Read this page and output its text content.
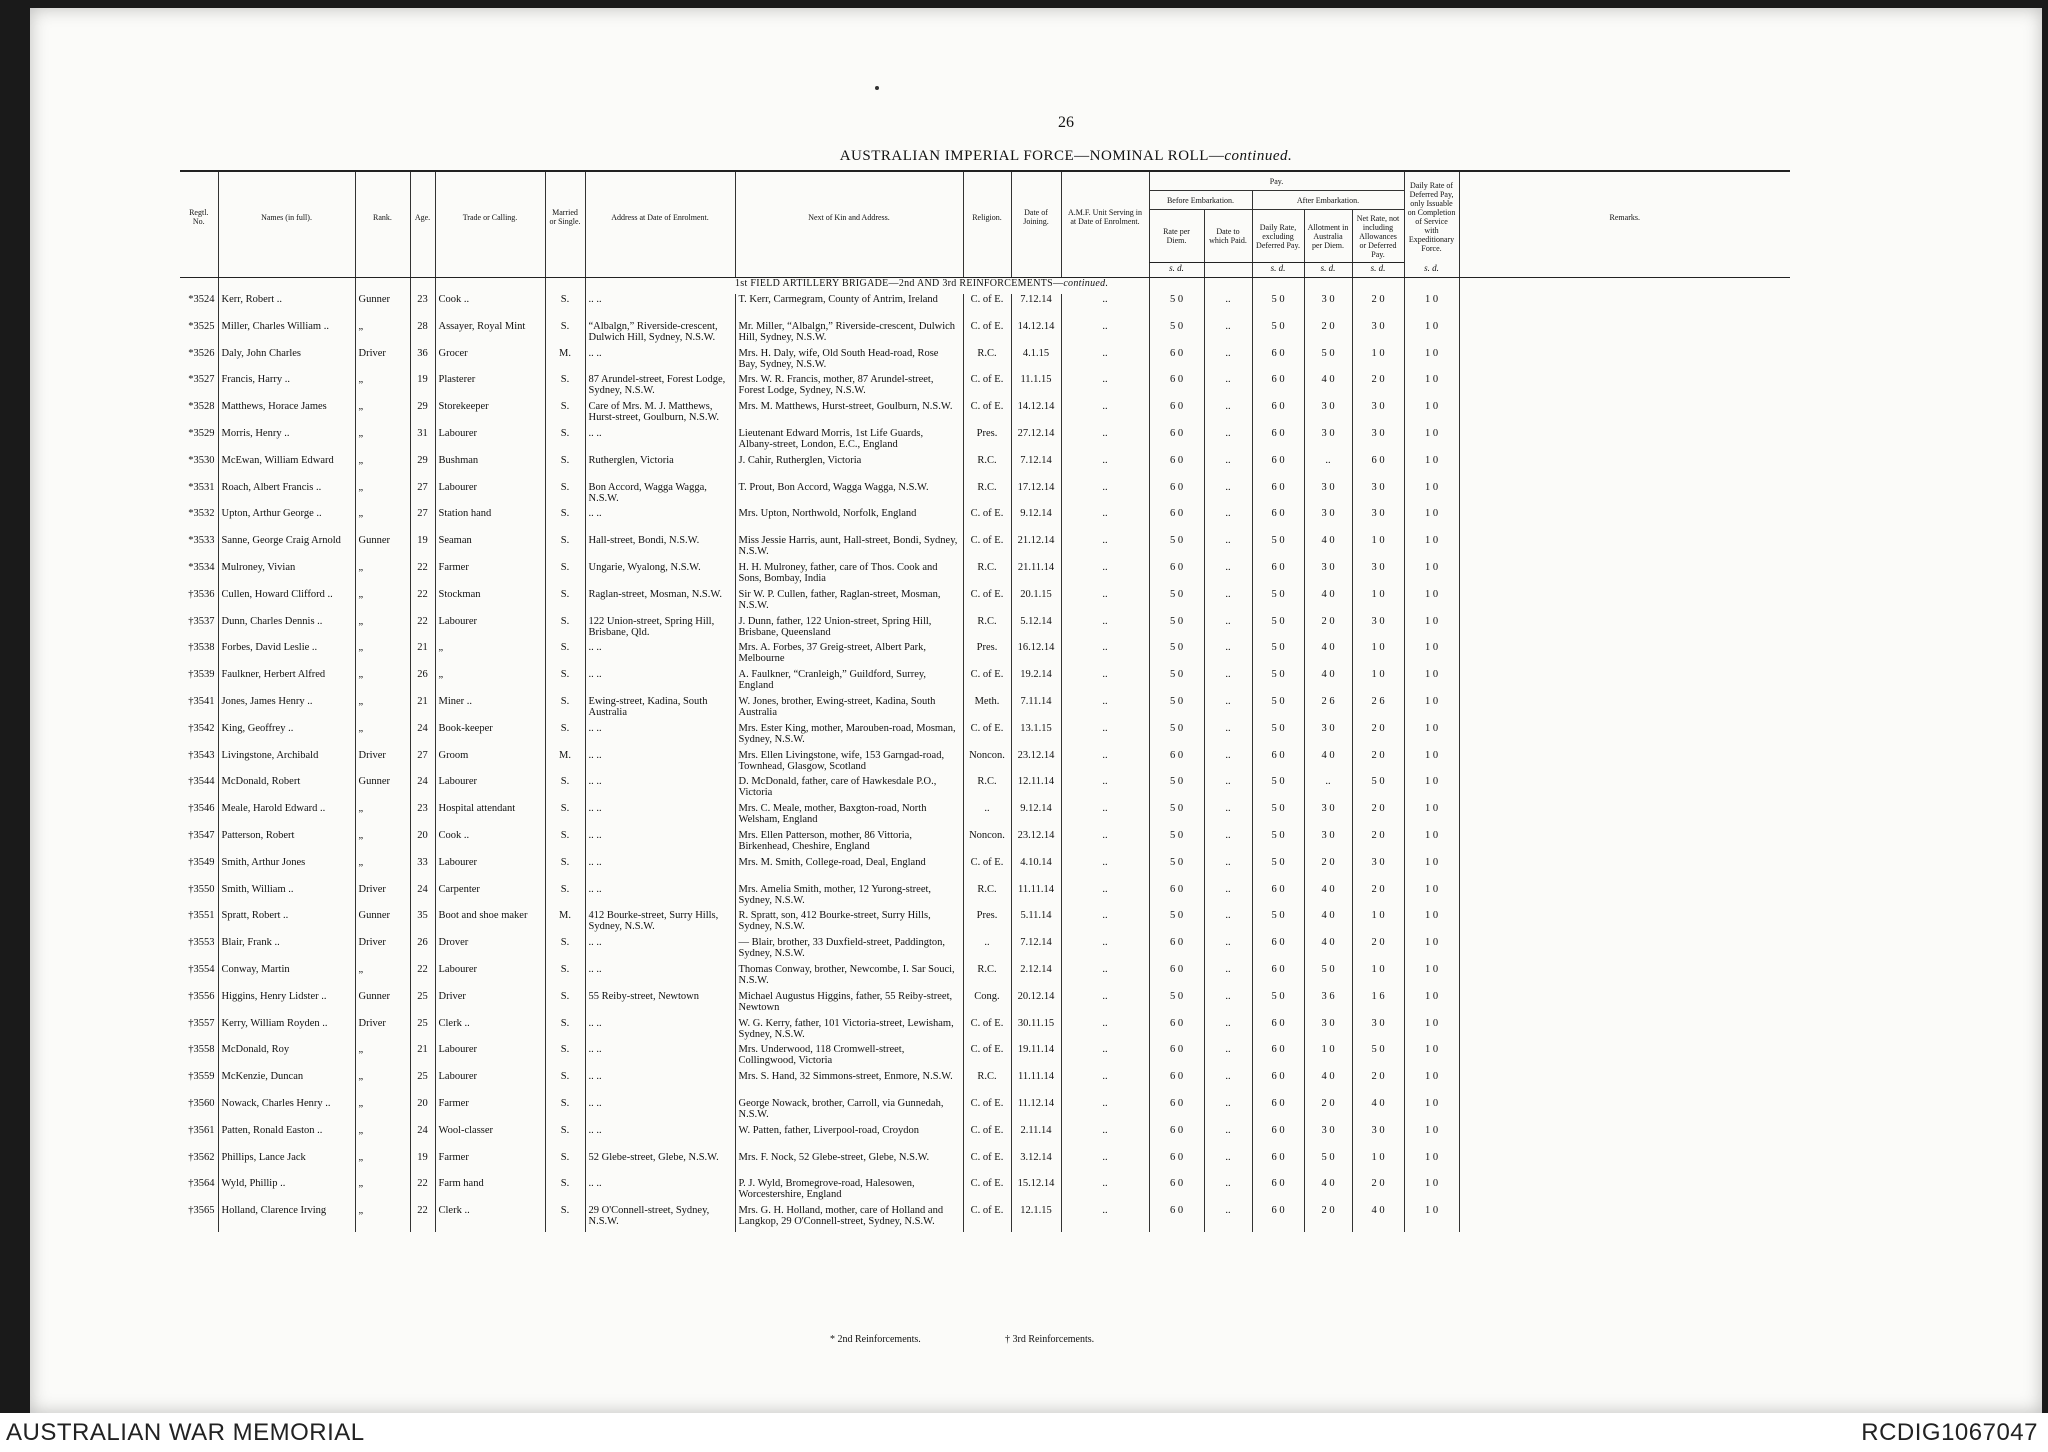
26
AUSTRALIAN IMPERIAL FORCE—NOMINAL ROLL—continued.
Regtl. No.	Names (in full).	Rank.	Age.	Trade or Calling.	Married or Single.	Address at Date of Enrolment.	Next of Kin and Address.	Religion.	Date of Joining.	A.M.F. Unit Serving in at Date of Enrolment.	Pay.					Daily Rate of Deferred Pay, only Issuable on Completion of Service with Expeditionary Force.	Remarks.
											Before Embarkation.		After Embarkation.				
											Rate per Diem.	Date to which Paid.	Daily Rate, excluding Deferred Pay.	Allotment in Australia per Diem.	Net Rate, not including Allowances or Deferred Pay.		
											s. d.		s. d.	s. d.	s. d.	s. d.	
							1st FIELD ARTILLERY BRIGADE—2nd AND 3rd REINFORCEMENTS—continued.										
*3524	Kerr, Robert ..	Gunner	23	Cook ..	S.	.. ..	T. Kerr, Carmegram, County of Antrim, Ireland	C. of E.	7.12.14	..	5 0	..	5 0	3 0	2 0	1 0	
*3525	Miller, Charles William ..	„	28	Assayer, Royal Mint	S.	“Albalgn,” Riverside-crescent, Dulwich Hill, Sydney, N.S.W.	Mr. Miller, “Albalgn,” Riverside-crescent, Dulwich Hill, Sydney, N.S.W.	C. of E.	14.12.14	..	5 0	..	5 0	2 0	3 0	1 0	
*3526	Daly, John Charles	Driver	36	Grocer	M.	.. ..	Mrs. H. Daly, wife, Old South Head-road, Rose Bay, Sydney, N.S.W.	R.C.	4.1.15	..	6 0	..	6 0	5 0	1 0	1 0	
*3527	Francis, Harry ..	„	19	Plasterer	S.	87 Arundel-street, Forest Lodge, Sydney, N.S.W.	Mrs. W. R. Francis, mother, 87 Arundel-street, Forest Lodge, Sydney, N.S.W.	C. of E.	11.1.15	..	6 0	..	6 0	4 0	2 0	1 0	
*3528	Matthews, Horace James	„	29	Storekeeper	S.	Care of Mrs. M. J. Matthews, Hurst-street, Goulburn, N.S.W.	Mrs. M. Matthews, Hurst-street, Goulburn, N.S.W.	C. of E.	14.12.14	..	6 0	..	6 0	3 0	3 0	1 0	
*3529	Morris, Henry ..	„	31	Labourer	S.	.. ..	Lieutenant Edward Morris, 1st Life Guards, Albany-street, London, E.C., England	Pres.	27.12.14	..	6 0	..	6 0	3 0	3 0	1 0	
*3530	McEwan, William Edward	„	29	Bushman	S.	Rutherglen, Victoria	J. Cahir, Rutherglen, Victoria	R.C.	7.12.14	..	6 0	..	6 0	..	6 0	1 0	
*3531	Roach, Albert Francis ..	„	27	Labourer	S.	Bon Accord, Wagga Wagga, N.S.W.	T. Prout, Bon Accord, Wagga Wagga, N.S.W.	R.C.	17.12.14	..	6 0	..	6 0	3 0	3 0	1 0	
*3532	Upton, Arthur George ..	„	27	Station hand	S.	.. ..	Mrs. Upton, Northwold, Norfolk, England	C. of E.	9.12.14	..	6 0	..	6 0	3 0	3 0	1 0	
*3533	Sanne, George Craig Arnold	Gunner	19	Seaman	S.	Hall-street, Bondi, N.S.W.	Miss Jessie Harris, aunt, Hall-street, Bondi, Sydney, N.S.W.	C. of E.	21.12.14	..	5 0	..	5 0	4 0	1 0	1 0	
*3534	Mulroney, Vivian	„	22	Farmer	S.	Ungarie, Wyalong, N.S.W.	H. H. Mulroney, father, care of Thos. Cook and Sons, Bombay, India	R.C.	21.11.14	..	6 0	..	6 0	3 0	3 0	1 0	
†3536	Cullen, Howard Clifford ..	„	22	Stockman	S.	Raglan-street, Mosman, N.S.W.	Sir W. P. Cullen, father, Raglan-street, Mosman, N.S.W.	C. of E.	20.1.15	..	5 0	..	5 0	4 0	1 0	1 0	
†3537	Dunn, Charles Dennis ..	„	22	Labourer	S.	122 Union-street, Spring Hill, Brisbane, Qld.	J. Dunn, father, 122 Union-street, Spring Hill, Brisbane, Queensland	R.C.	5.12.14	..	5 0	..	5 0	2 0	3 0	1 0	
†3538	Forbes, David Leslie ..	„	21	„	S.	.. ..	Mrs. A. Forbes, 37 Greig-street, Albert Park, Melbourne	Pres.	16.12.14	..	5 0	..	5 0	4 0	1 0	1 0	
†3539	Faulkner, Herbert Alfred	„	26	„	S.	.. ..	A. Faulkner, “Cranleigh,” Guildford, Surrey, England	C. of E.	19.2.14	..	5 0	..	5 0	4 0	1 0	1 0	
†3541	Jones, James Henry ..	„	21	Miner ..	S.	Ewing-street, Kadina, South Australia	W. Jones, brother, Ewing-street, Kadina, South Australia	Meth.	7.11.14	..	5 0	..	5 0	2 6	2 6	1 0	
†3542	King, Geoffrey ..	„	24	Book-keeper	S.	.. ..	Mrs. Ester King, mother, Marouben-road, Mosman, Sydney, N.S.W.	C. of E.	13.1.15	..	5 0	..	5 0	3 0	2 0	1 0	
†3543	Livingstone, Archibald	Driver	27	Groom	M.	.. ..	Mrs. Ellen Livingstone, wife, 153 Garngad-road, Townhead, Glasgow, Scotland	Noncon.	23.12.14	..	6 0	..	6 0	4 0	2 0	1 0	
†3544	McDonald, Robert	Gunner	24	Labourer	S.	.. ..	D. McDonald, father, care of Hawkesdale P.O., Victoria	R.C.	12.11.14	..	5 0	..	5 0	..	5 0	1 0	
†3546	Meale, Harold Edward ..	„	23	Hospital attendant	S.	.. ..	Mrs. C. Meale, mother, Baxgton-road, North Welsham, England	..	9.12.14	..	5 0	..	5 0	3 0	2 0	1 0	
†3547	Patterson, Robert	„	20	Cook ..	S.	.. ..	Mrs. Ellen Patterson, mother, 86 Vittoria, Birkenhead, Cheshire, England	Noncon.	23.12.14	..	5 0	..	5 0	3 0	2 0	1 0	
†3549	Smith, Arthur Jones	„	33	Labourer	S.	.. ..	Mrs. M. Smith, College-road, Deal, England	C. of E.	4.10.14	..	5 0	..	5 0	2 0	3 0	1 0	
†3550	Smith, William ..	Driver	24	Carpenter	S.	.. ..	Mrs. Amelia Smith, mother, 12 Yurong-street, Sydney, N.S.W.	R.C.	11.11.14	..	6 0	..	6 0	4 0	2 0	1 0	
†3551	Spratt, Robert ..	Gunner	35	Boot and shoe maker	M.	412 Bourke-street, Surry Hills, Sydney, N.S.W.	R. Spratt, son, 412 Bourke-street, Surry Hills, Sydney, N.S.W.	Pres.	5.11.14	..	5 0	..	5 0	4 0	1 0	1 0	
†3553	Blair, Frank ..	Driver	26	Drover	S.	.. ..	— Blair, brother, 33 Duxfield-street, Paddington, Sydney, N.S.W.	..	7.12.14	..	6 0	..	6 0	4 0	2 0	1 0	
†3554	Conway, Martin	„	22	Labourer	S.	.. ..	Thomas Conway, brother, Newcombe, I. Sar Souci, N.S.W.	R.C.	2.12.14	..	6 0	..	6 0	5 0	1 0	1 0	
†3556	Higgins, Henry Lidster ..	Gunner	25	Driver	S.	55 Reiby-street, Newtown	Michael Augustus Higgins, father, 55 Reiby-street, Newtown	Cong.	20.12.14	..	5 0	..	5 0	3 6	1 6	1 0	
†3557	Kerry, William Royden ..	Driver	25	Clerk ..	S.	.. ..	W. G. Kerry, father, 101 Victoria-street, Lewisham, Sydney, N.S.W.	C. of E.	30.11.15	..	6 0	..	6 0	3 0	3 0	1 0	
†3558	McDonald, Roy	„	21	Labourer	S.	.. ..	Mrs. Underwood, 118 Cromwell-street, Collingwood, Victoria	C. of E.	19.11.14	..	6 0	..	6 0	1 0	5 0	1 0	
†3559	McKenzie, Duncan	„	25	Labourer	S.	.. ..	Mrs. S. Hand, 32 Simmons-street, Enmore, N.S.W.	R.C.	11.11.14	..	6 0	..	6 0	4 0	2 0	1 0	
†3560	Nowack, Charles Henry ..	„	20	Farmer	S.	.. ..	George Nowack, brother, Carroll, via Gunnedah, N.S.W.	C. of E.	11.12.14	..	6 0	..	6 0	2 0	4 0	1 0	
†3561	Patten, Ronald Easton ..	„	24	Wool-classer	S.	.. ..	W. Patten, father, Liverpool-road, Croydon	C. of E.	2.11.14	..	6 0	..	6 0	3 0	3 0	1 0	
†3562	Phillips, Lance Jack	„	19	Farmer	S.	52 Glebe-street, Glebe, N.S.W.	Mrs. F. Nock, 52 Glebe-street, Glebe, N.S.W.	C. of E.	3.12.14	..	6 0	..	6 0	5 0	1 0	1 0	
†3564	Wyld, Phillip ..	„	22	Farm hand	S.	.. ..	P. J. Wyld, Bromegrove-road, Halesowen, Worcestershire, England	C. of E.	15.12.14	..	6 0	..	6 0	4 0	2 0	1 0	
†3565	Holland, Clarence Irving	„	22	Clerk ..	S.	29 O'Connell-street, Sydney, N.S.W.	Mrs. G. H. Holland, mother, care of Holland and Langkop, 29 O'Connell-street, Sydney, N.S.W.	C. of E.	12.1.15	..	6 0	..	6 0	2 0	4 0	1 0	
* 2nd Reinforcements.	† 3rd Reinforcements.
AUSTRALIAN WAR MEMORIAL	RCDIG1067047
